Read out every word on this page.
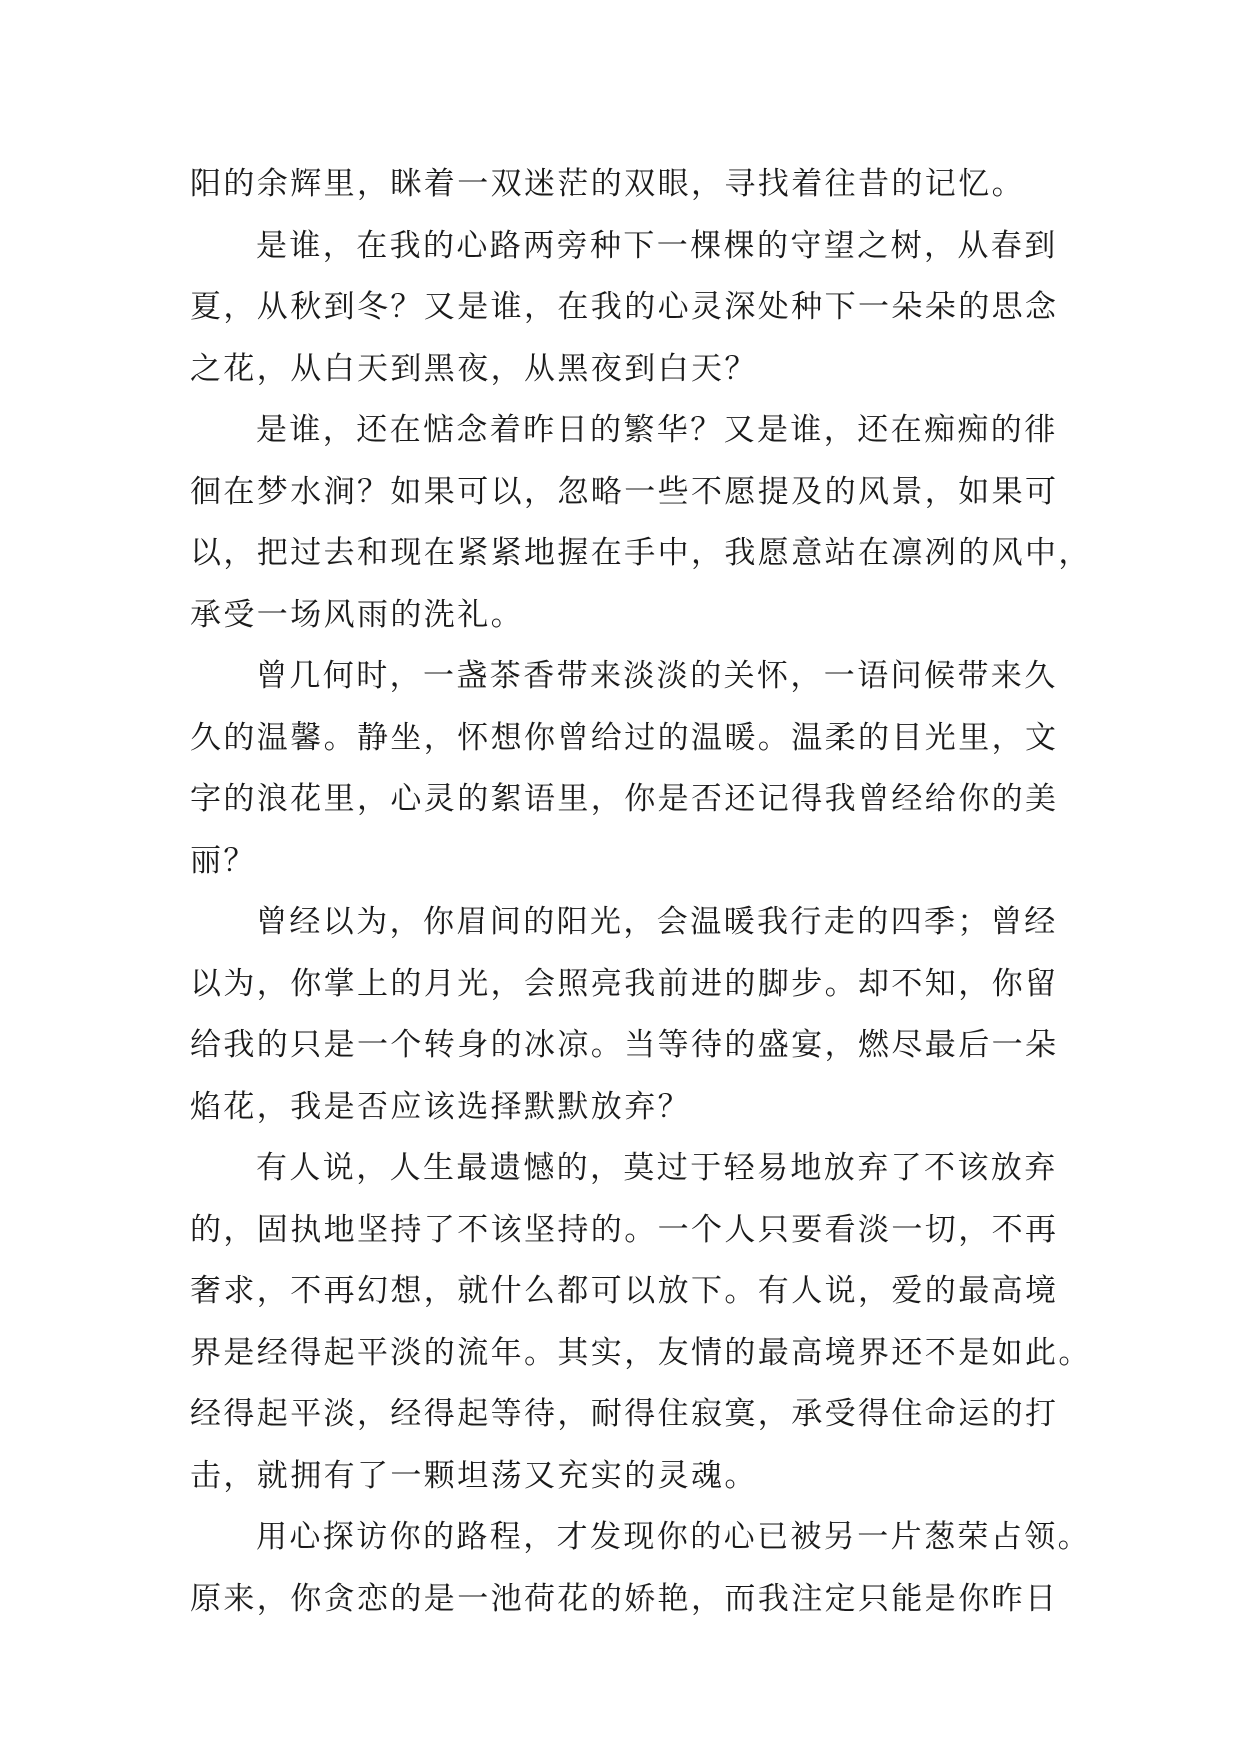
阳的余辉里，眯着一双迷茫的双眼，寻找着往昔的记忆。
是谁，在我的心路两旁种下一棵棵的守望之树，从春到
夏，从秋到冬？又是谁，在我的心灵深处种下一朵朵的思念
之花，从白天到黑夜，从黑夜到白天？
是谁，还在惦念着昨日的繁华？又是谁，还在痴痴的徘
徊在梦水涧？如果可以，忽略一些不愿提及的风景，如果可
以，把过去和现在紧紧地握在手中，我愿意站在凛冽的风中，
承受一场风雨的洗礼。
曾几何时，一盏茶香带来淡淡的关怀，一语问候带来久
久的温馨。静坐，怀想你曾给过的温暖。温柔的目光里，文
字的浪花里，心灵的絮语里，你是否还记得我曾经给你的美
丽？
曾经以为，你眉间的阳光，会温暖我行走的四季；曾经
以为，你掌上的月光，会照亮我前进的脚步。却不知，你留
给我的只是一个转身的冰凉。当等待的盛宴，燃尽最后一朵
焰花，我是否应该选择默默放弃？
有人说，人生最遗憾的，莫过于轻易地放弃了不该放弃
的，固执地坚持了不该坚持的。一个人只要看淡一切，不再
奢求，不再幻想，就什么都可以放下。有人说，爱的最高境
界是经得起平淡的流年。其实，友情的最高境界还不是如此。
经得起平淡，经得起等待，耐得住寂寞，承受得住命运的打
击，就拥有了一颗坦荡又充实的灵魂。
用心探访你的路程，才发现你的心已被另一片葱荣占领。
原来，你贪恋的是一池荷花的娇艳，而我注定只能是你昨日
